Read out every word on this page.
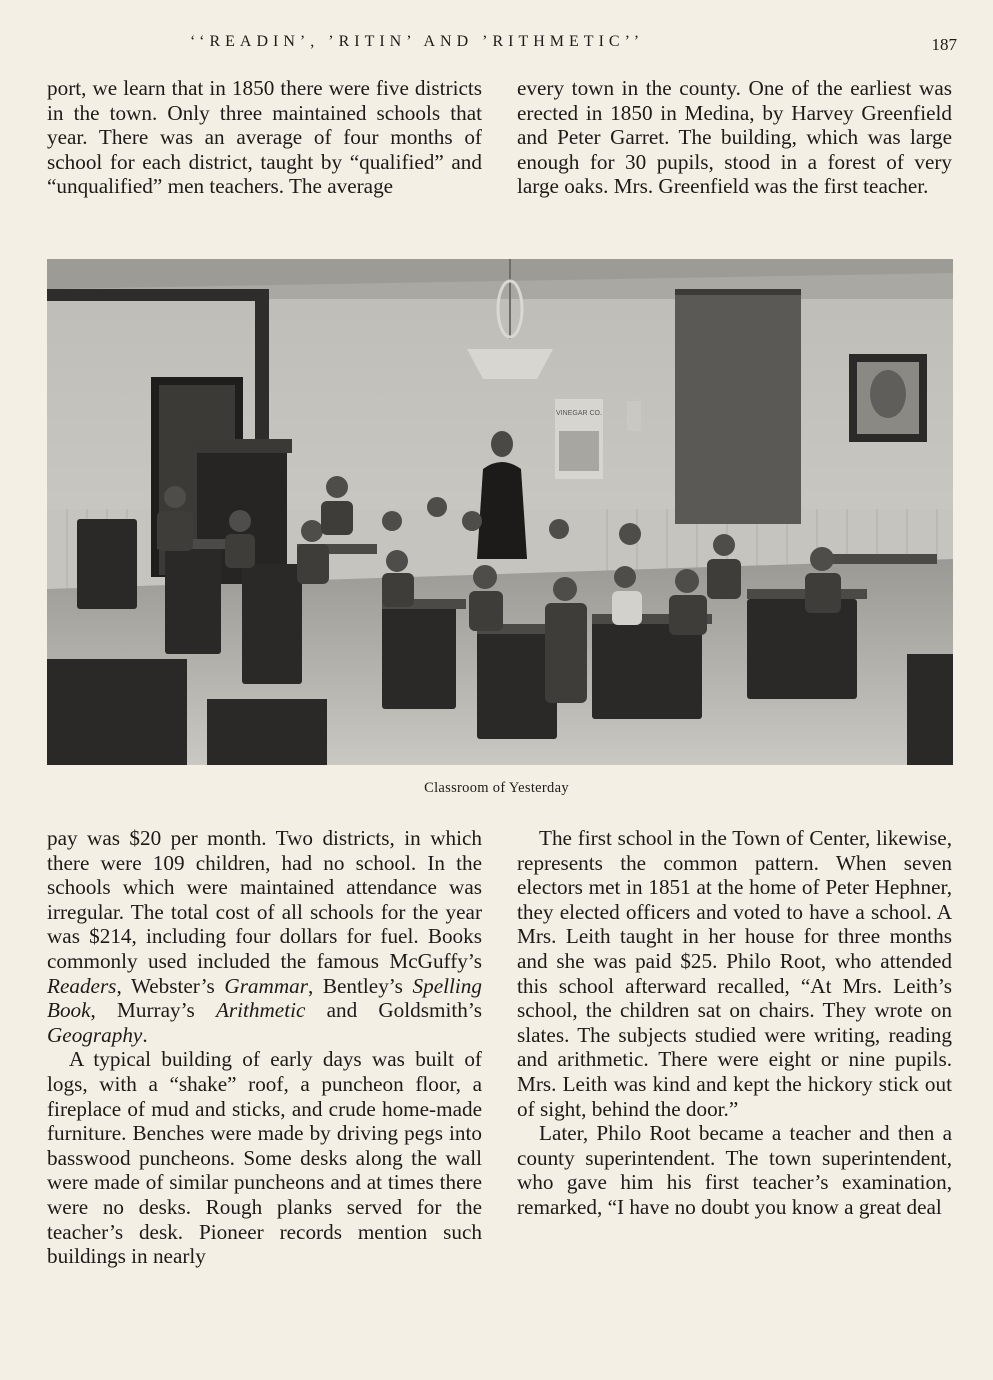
‘‘READIN’, ’RITIN’ AND ’RITHMETIC’’	187

port, we learn that in 1850 there were five districts in the town. Only three maintained schools that year. There was an average of four months of school for each district, taught by “qualified” and “unqualified” men teachers. The average

every town in the county. One of the earliest was erected in 1850 in Medina, by Harvey Greenfield and Peter Garret. The building, which was large enough for 30 pupils, stood in a forest of very large oaks. Mrs. Greenfield was the first teacher.

VINEGAR CO.
Classroom of Yesterday

pay was $20 per month. Two districts, in which there were 109 children, had no school. In the schools which were maintained attendance was irregular. The total cost of all schools for the year was $214, including four dollars for fuel. Books commonly used included the famous McGuffy’s Readers, Webster’s Grammar, Bentley’s Spelling Book, Murray’s Arithmetic and Goldsmith’s Geography.

A typical building of early days was built of logs, with a “shake” roof, a puncheon floor, a fireplace of mud and sticks, and crude home-made furniture. Benches were made by driving pegs into basswood puncheons. Some desks along the wall were made of similar puncheons and at times there were no desks. Rough planks served for the teacher’s desk. Pioneer records mention such buildings in nearly

The first school in the Town of Center, likewise, represents the common pattern. When seven electors met in 1851 at the home of Peter Hephner, they elected officers and voted to have a school. A Mrs. Leith taught in her house for three months and she was paid $25. Philo Root, who attended this school afterward recalled, “At Mrs. Leith’s school, the children sat on chairs. They wrote on slates. The subjects studied were writing, reading and arithmetic. There were eight or nine pupils. Mrs. Leith was kind and kept the hickory stick out of sight, behind the door.”

Later, Philo Root became a teacher and then a county superintendent. The town superintendent, who gave him his first teacher’s examination, remarked, “I have no doubt you know a great deal
